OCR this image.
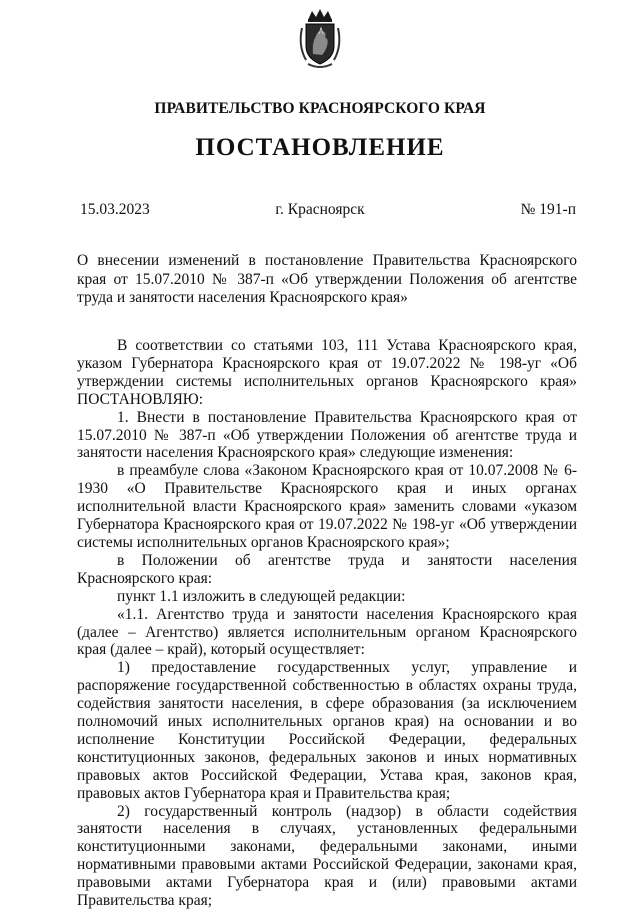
ПРАВИТЕЛЬСТВО КРАСНОЯРСКОГО КРАЯ
ПОСТАНОВЛЕНИЕ
15.03.2023	г. Красноярск	№ 191-п
О внесении изменений в постановление Правительства Красноярского края от 15.07.2010 № 387-п «Об утверждении Положения об агентстве труда и занятости населения Красноярского края»

В соответствии со статьями 103, 111 Устава Красноярского края, указом Губернатора Красноярского края от 19.07.2022 № 198-уг «Об утверждении системы исполнительных органов Красноярского края» ПОСТАНОВЛЯЮ:

1. Внести в постановление Правительства Красноярского края от 15.07.2010 № 387-п «Об утверждении Положения об агентстве труда и занятости населения Красноярского края» следующие изменения:

в преамбуле слова «Законом Красноярского края от 10.07.2008 № 6-1930 «О Правительстве Красноярского края и иных органах исполнительной власти Красноярского края» заменить словами «указом Губернатора Красноярского края от 19.07.2022 № 198-уг «Об утверждении системы исполнительных органов Красноярского края»;

в Положении об агентстве труда и занятости населения Красноярского края:

пункт 1.1 изложить в следующей редакции:

«1.1. Агентство труда и занятости населения Красноярского края (далее – Агентство) является исполнительным органом Красноярского края (далее – край), который осуществляет:

1) предоставление государственных услуг, управление и распоряжение государственной собственностью в областях охраны труда, содействия занятости населения, в сфере образования (за исключением полномочий иных исполнительных органов края) на основании и во исполнение Конституции Российской Федерации, федеральных конституционных законов, федеральных законов и иных нормативных правовых актов Российской Федерации, Устава края, законов края, правовых актов Губернатора края и Правительства края;

2) государственный контроль (надзор) в области содействия занятости населения в случаях, установленных федеральными конституционными законами, федеральными законами, иными нормативными правовыми актами Российской Федерации, законами края, правовыми актами Губернатора края и (или) правовыми актами Правительства края;
